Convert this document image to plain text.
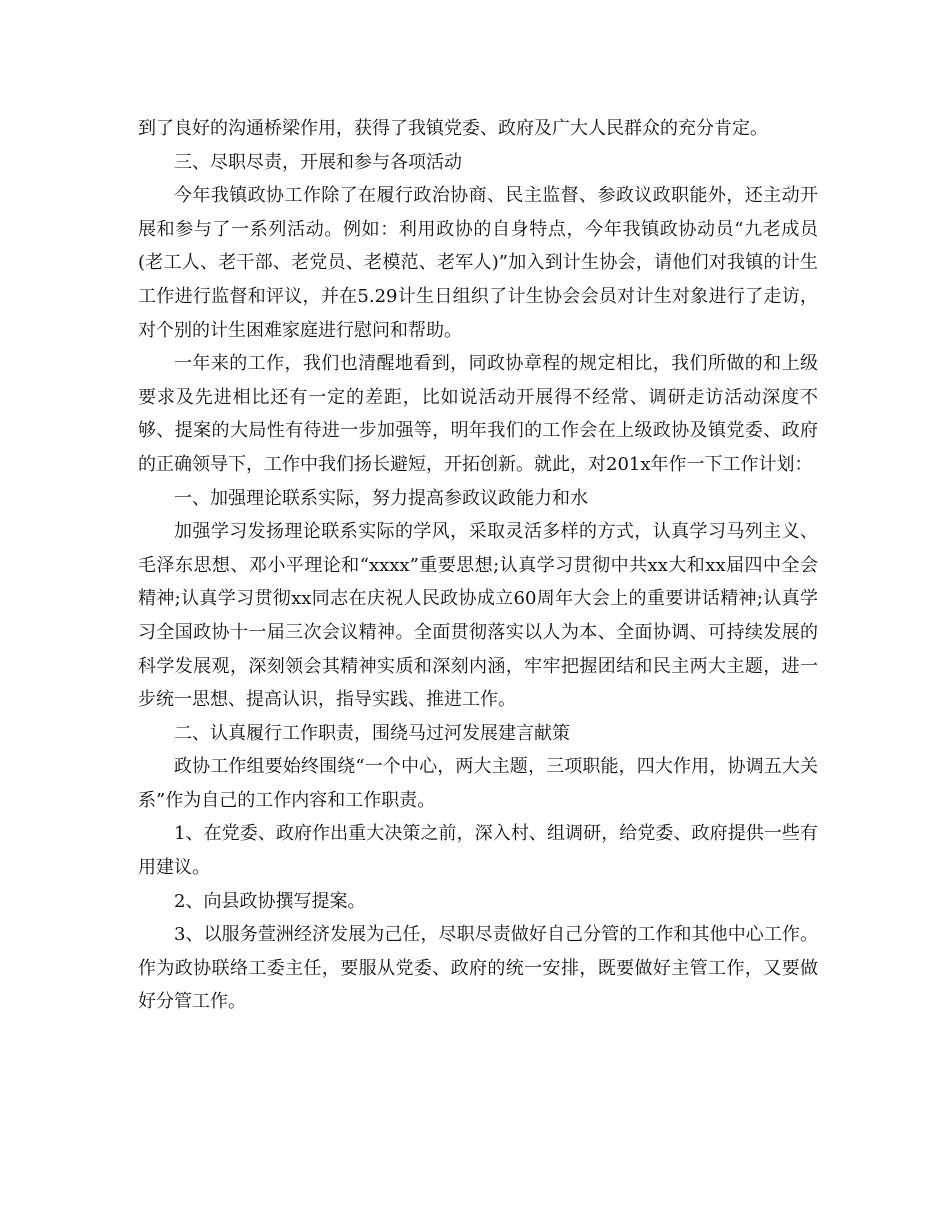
到了良好的沟通桥梁作用，获得了我镇党委、政府及广大人民群众的充分肯定。

三、尽职尽责，开展和参与各项活动

今年我镇政协工作除了在履行政治协商、民主监督、参政议政职能外，还主动开展和参与了一系列活动。例如：利用政协的自身特点，今年我镇政协动员“九老成员(老工人、老干部、老党员、老模范、老军人)”加入到计生协会，请他们对我镇的计生工作进行监督和评议，并在5.29计生日组织了计生协会会员对计生对象进行了走访，对个别的计生困难家庭进行慰问和帮助。

一年来的工作，我们也清醒地看到，同政协章程的规定相比，我们所做的和上级要求及先进相比还有一定的差距，比如说活动开展得不经常、调研走访活动深度不够、提案的大局性有待进一步加强等，明年我们的工作会在上级政协及镇党委、政府的正确领导下，工作中我们扬长避短，开拓创新。就此，对201x年作一下工作计划：

一、加强理论联系实际，努力提高参政议政能力和水

加强学习发扬理论联系实际的学风，采取灵活多样的方式，认真学习马列主义、毛泽东思想、邓小平理论和“xxxx”重要思想;认真学习贯彻中共xx大和xx届四中全会精神;认真学习贯彻xx同志在庆祝人民政协成立60周年大会上的重要讲话精神;认真学习全国政协十一届三次会议精神。全面贯彻落实以人为本、全面协调、可持续发展的科学发展观，深刻领会其精神实质和深刻内涵，牢牢把握团结和民主两大主题，进一步统一思想、提高认识，指导实践、推进工作。

二、认真履行工作职责，围绕马过河发展建言献策

政协工作组要始终围绕“一个中心，两大主题，三项职能，四大作用，协调五大关系”作为自己的工作内容和工作职责。

1、在党委、政府作出重大决策之前，深入村、组调研，给党委、政府提供一些有用建议。

2、向县政协撰写提案。

3、以服务萱洲经济发展为己任，尽职尽责做好自己分管的工作和其他中心工作。作为政协联络工委主任，要服从党委、政府的统一安排，既要做好主管工作，又要做好分管工作。
